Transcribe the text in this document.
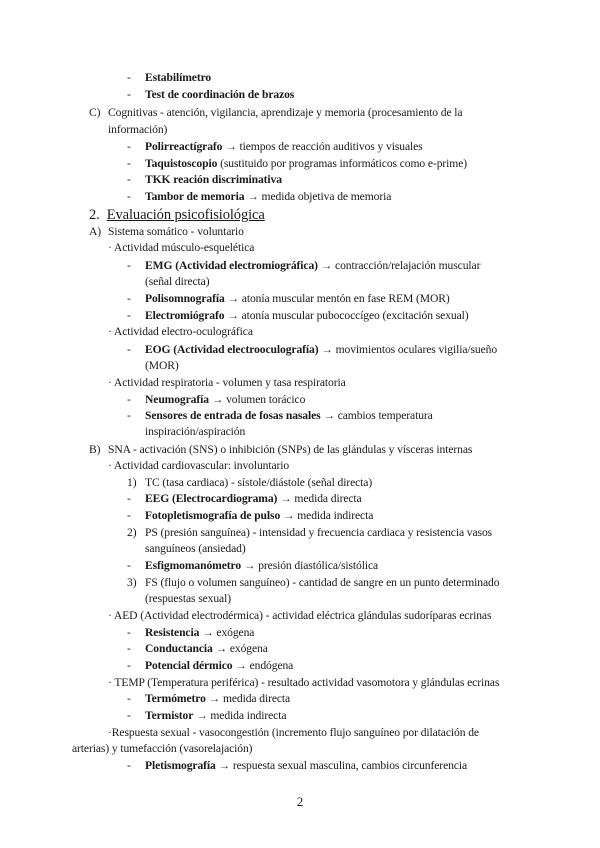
- Estabilímetro
- Test de coordinación de brazos
C) Cognitivas - atención, vigilancia, aprendizaje y memoria (procesamiento de la
información)
- Polirreactígrafo → tiempos de reacción auditivos y visuales
- Taquistoscopio (sustituido por programas informáticos como e-prime)
- TKK reación discriminativa
- Tambor de memoria → medida objetiva de memoria
2. Evaluación psicofisiológica
A) Sistema somático - voluntario
· Actividad músculo-esquelética
- EMG (Actividad electromiográfica) → contracción/relajación muscular
(señal directa)
- Polisomnografía → atonía muscular mentón en fase REM (MOR)
- Electromiógrafo → atonía muscular pubococcígeo (excitación sexual)
· Actividad electro-oculográfica
- EOG (Actividad electrooculografía) → movimientos oculares vigilia/sueño
(MOR)
· Actividad respiratoria - volumen y tasa respiratoria
- Neumografía → volumen torácico
- Sensores de entrada de fosas nasales → cambios temperatura
inspiración/aspiración
B) SNA - activación (SNS) o inhibición (SNPs) de las glándulas y vísceras internas
· Actividad cardiovascular: involuntario
1) TC (tasa cardiaca) - sístole/diástole (señal directa)
- EEG (Electrocardiograma) → medida directa
- Fotopletismografía de pulso → medida indirecta
2) PS (presión sanguínea) - intensidad y frecuencia cardiaca y resistencia vasos
sanguíneos (ansiedad)
- Esfigmomanómetro → presión diastólica/sistólica
3) FS (flujo o volumen sanguíneo) - cantidad de sangre en un punto determinado
(respuestas sexual)
· AED (Actividad electrodérmica) - actividad eléctrica glándulas sudoríparas ecrinas
- Resistencia → exógena
- Conductancia → exógena
- Potencial dérmico → endógena
· TEMP (Temperatura periférica) - resultado actividad vasomotora y glándulas ecrinas
- Termómetro → medida directa
- Termistor → medida indirecta
·Respuesta sexual - vasocongestión (incremento flujo sanguíneo por dilatación de
arterias) y tumefacción (vasorelajación)
- Pletismografía → respuesta sexual masculina, cambios circunferencia
2
